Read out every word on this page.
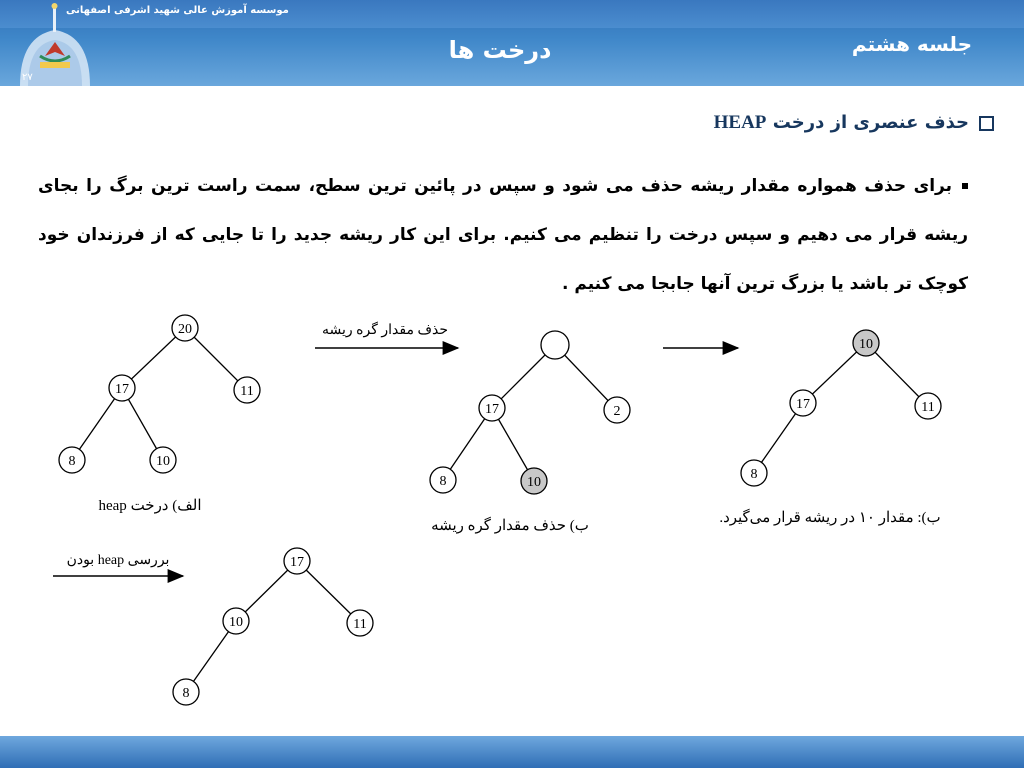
۲۷
موسسه آموزش عالی شهید اشرفی اصفهانی
درخت ها	جلسه هشتم
حذف عنصری از درخت HEAP
برای حذف همواره مقدار ریشه حذف می شود و سپس در پائین ترین سطح، سمت راست ترین برگ را بجای ریشه قرار می دهیم و سپس درخت را تنظیم می کنیم. برای این کار ریشه جدید را تا جایی که از فرزندان خود کوچک تر باشد یا بزرگ ترین آنها جابجا می کنیم .
20
17	11
8	10
الف) درخت heap
حذف مقدار گره ریشه
17	2
8	10
ب) حذف مقدار گره ریشه
10
17	11
8
ب): مقدار ۱۰ در ریشه قرار می‌گیرد.
بررسی heap بودن	17
10	11
8
